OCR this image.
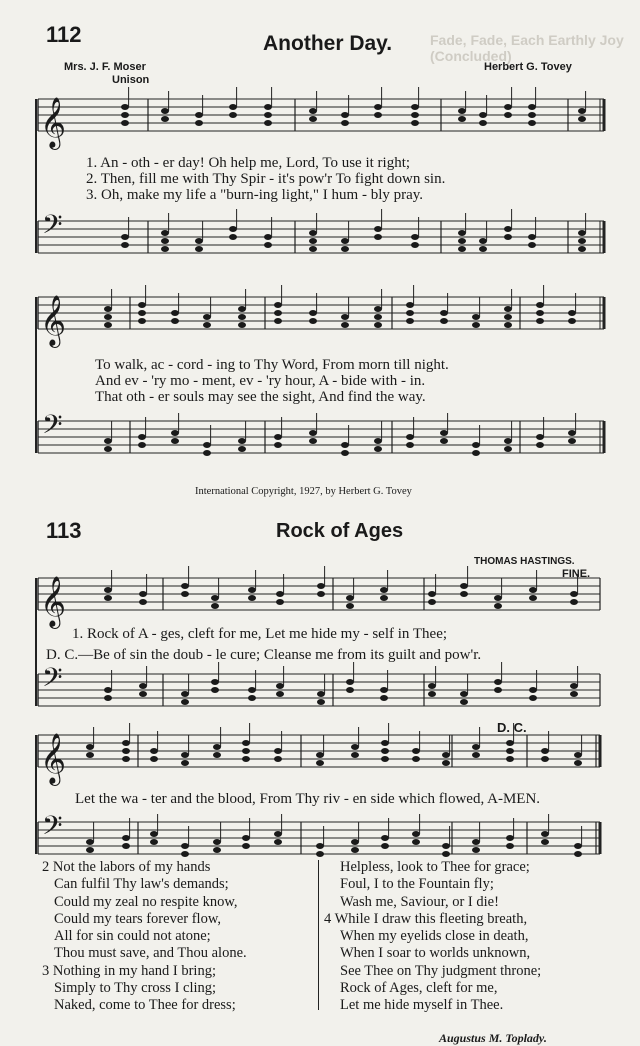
𝄞
𝄢
𝄞
𝄢
𝄞
𝄢
𝄞
𝄢
112	Another Day.	Fade, Fade, Each Earthly Joy (Concluded)
Mrs. J. F. Moser
Unison
Herbert G. Tovey
1. An - oth - er day! Oh help me, Lord, To use it right;
2. Then, fill me with Thy Spir - it's pow'r To fight down sin.
3. Oh, make my life a "burn-ing light," I hum - bly pray.
To walk, ac - cord - ing to Thy Word, From morn till night.
And ev - 'ry mo - ment, ev - 'ry hour, A - bide with - in.
That oth - er souls may see the sight, And find the way.
International Copyright, 1927, by Herbert G. Tovey
113	Rock of Ages
THOMAS HASTINGS.
FINE.
1. Rock of A - ges, cleft for me, Let me hide my - self in Thee;
D. C.—Be of sin the doub - le cure; Cleanse me from its guilt and pow'r.
D. C.
Let the wa - ter and the blood, From Thy riv - en side which flowed, A-MEN.
2 Not the labors of my hands
Can fulfil Thy law's demands;
Could my zeal no respite know,
Could my tears forever flow,
All for sin could not atone;
Thou must save, and Thou alone.
3 Nothing in my hand I bring;
Simply to Thy cross I cling;
Naked, come to Thee for dress;
Helpless, look to Thee for grace;
Foul, I to the Fountain fly;
Wash me, Saviour, or I die!
4 While I draw this fleeting breath,
When my eyelids close in death,
When I soar to worlds unknown,
See Thee on Thy judgment throne;
Rock of Ages, cleft for me,
Let me hide myself in Thee.
Augustus M. Toplady.
